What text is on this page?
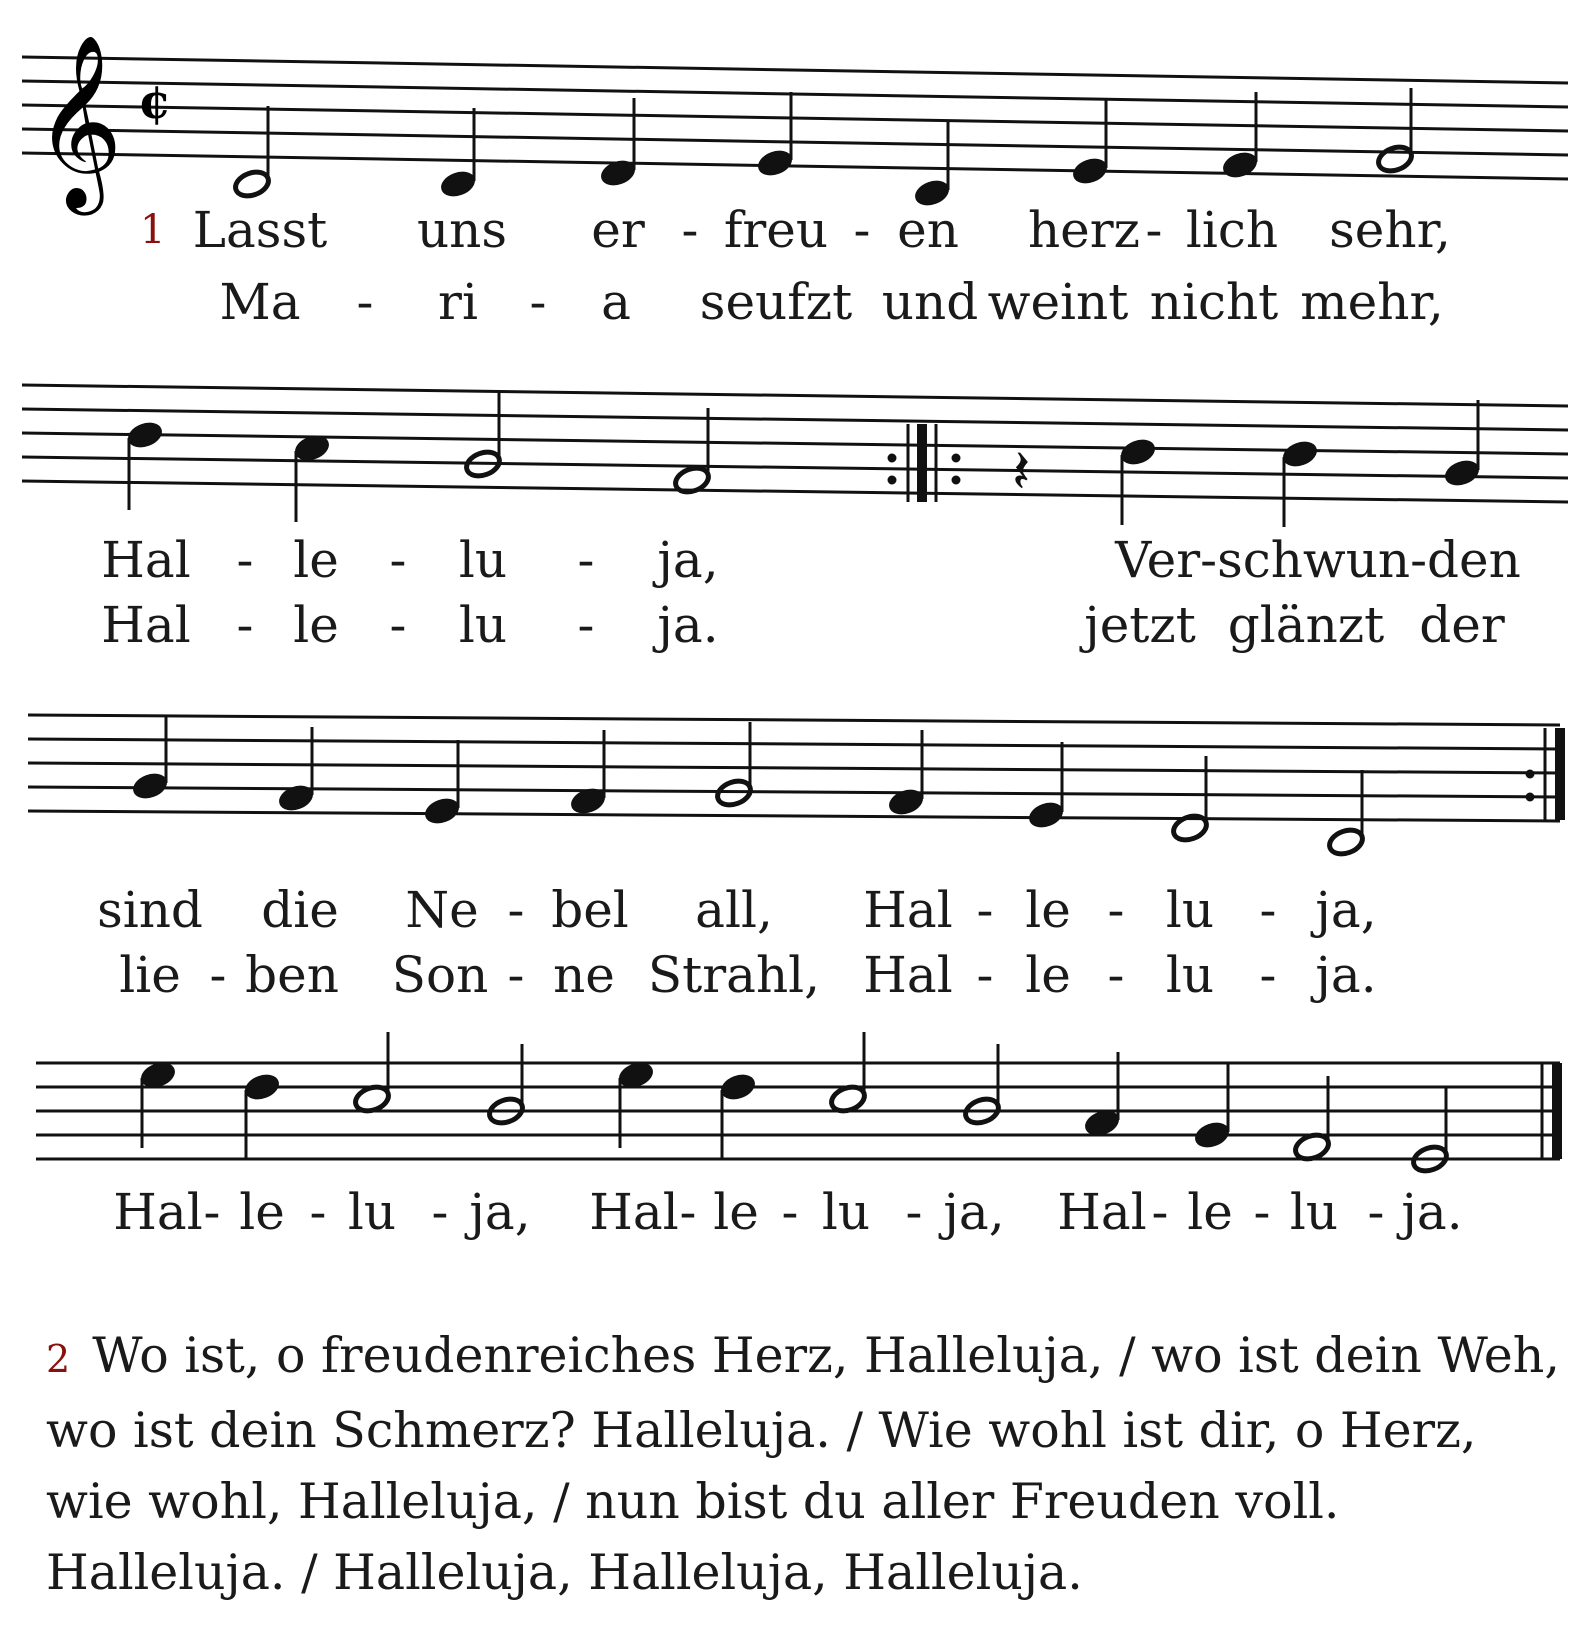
𝄞 ¢
1 Lasst uns er - freu - en herz - lich sehr,
Ma - ri - a seufzt und weint nicht mehr,
𝄽
Hal - le - lu - ja,	Ver-schwun-den
Hal - le - lu - ja.	jetzt glänzt der
sind die Ne - bel all, Hal - le - lu - ja,
lie - ben Son - ne Strahl, Hal - le - lu - ja.
Hal - le - lu - ja, Hal - le - lu - ja, Hal - le - lu - ja.
2 Wo ist, o freudenreiches Herz, Halleluja, / wo ist dein Weh, wo ist dein Schmerz? Halleluja. / Wie wohl ist dir, o Herz, wie wohl, Halleluja, / nun bist du aller Freuden voll. Halleluja. / Halleluja, Halleluja, Halleluja.
